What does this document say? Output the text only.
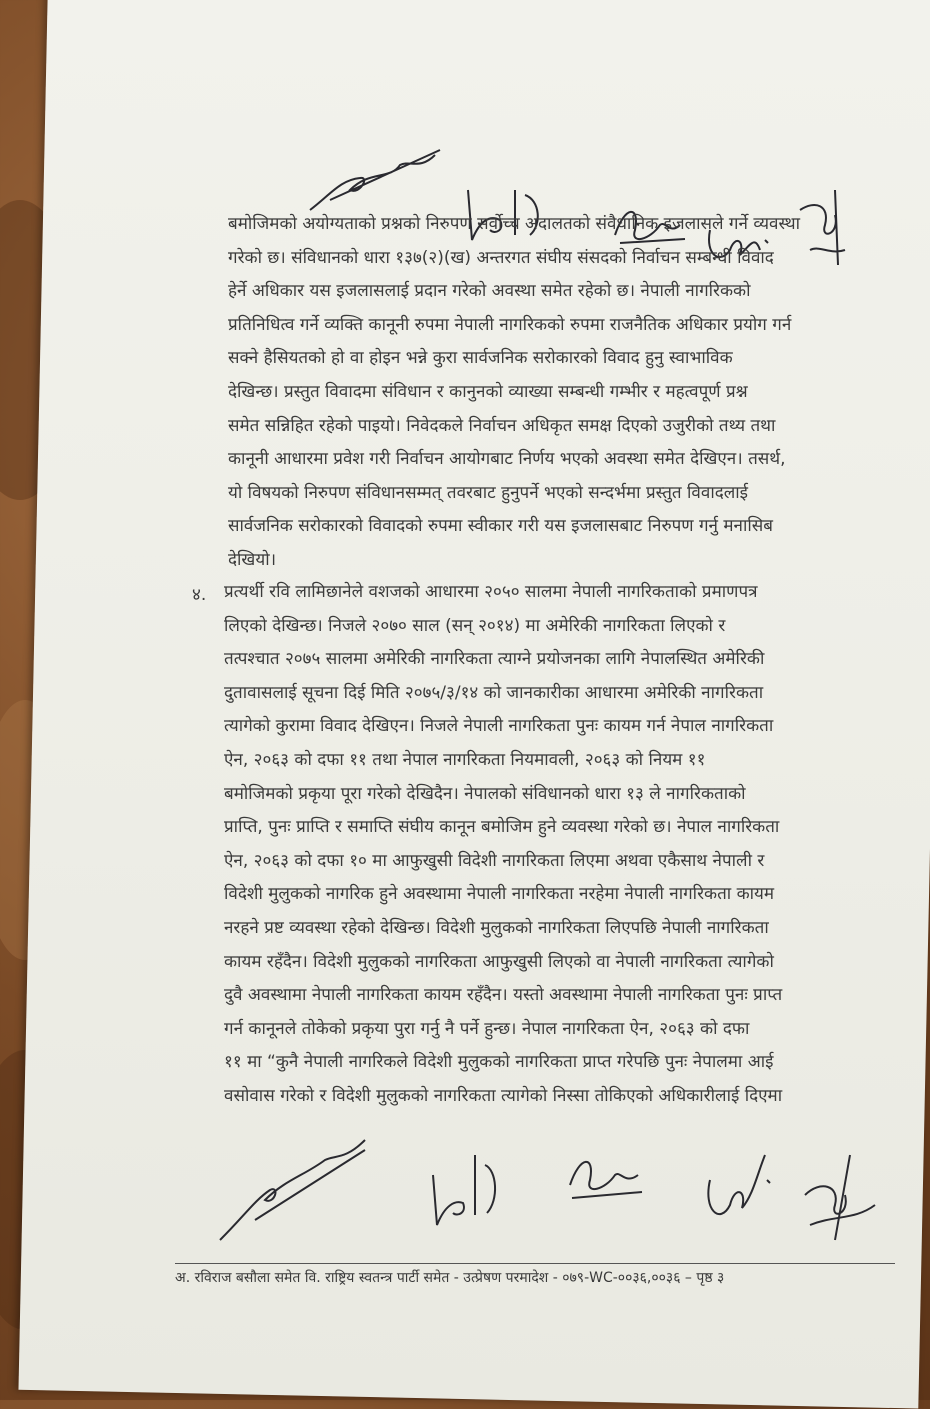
बमोजिमको अयोग्यताको प्रश्नको निरुपण सर्वोच्च अदालतको संवैधानिक इजलासले गर्ने व्यवस्था
गरेको छ। संविधानको धारा १३७(२)(ख) अन्तरगत संघीय संसदको निर्वाचन सम्बन्धी विवाद
हेर्ने अधिकार यस इजलासलाई प्रदान गरेको अवस्था समेत रहेको छ। नेपाली नागरिकको
प्रतिनिधित्व गर्ने व्यक्ति कानूनी रुपमा नेपाली नागरिकको रुपमा राजनैतिक अधिकार प्रयोग गर्न
सक्ने हैसियतको हो वा होइन भन्ने कुरा सार्वजनिक सरोकारको विवाद हुनु स्वाभाविक
देखिन्छ। प्रस्तुत विवादमा संविधान र कानुनको व्याख्या सम्बन्धी गम्भीर र महत्वपूर्ण प्रश्न
समेत सन्निहित रहेको पाइयो। निवेदकले निर्वाचन अधिकृत समक्ष दिएको उजुरीको तथ्य तथा
कानूनी आधारमा प्रवेश गरी निर्वाचन आयोगबाट निर्णय भएको अवस्था समेत देखिएन। तसर्थ,
यो विषयको निरुपण संविधानसम्मत् तवरबाट हुनुपर्ने भएको सन्दर्भमा प्रस्तुत विवादलाई
सार्वजनिक सरोकारको विवादको रुपमा स्वीकार गरी यस इजलासबाट निरुपण गर्नु मनासिब
देखियो।
४. प्रत्यर्थी रवि लामिछानेले वशजको आधारमा २०५० सालमा नेपाली नागरिकताको प्रमाणपत्र
लिएको देखिन्छ। निजले २०७० साल (सन् २०१४) मा अमेरिकी नागरिकता लिएको र
तत्पश्चात २०७५ सालमा अमेरिकी नागरिकता त्याग्ने प्रयोजनका लागि नेपालस्थित अमेरिकी
दुतावासलाई सूचना दिई मिति २०७५/३/१४ को जानकारीका आधारमा अमेरिकी नागरिकता
त्यागेको कुरामा विवाद देखिएन। निजले नेपाली नागरिकता पुनः कायम गर्न नेपाल नागरिकता
ऐन, २०६३ को दफा ११ तथा नेपाल नागरिकता नियमावली, २०६३ को नियम ११
बमोजिमको प्रकृया पूरा गरेको देखिदैन। नेपालको संविधानको धारा १३ ले नागरिकताको
प्राप्ति, पुनः प्राप्ति र समाप्ति संघीय कानून बमोजिम हुने व्यवस्था गरेको छ। नेपाल नागरिकता
ऐन, २०६३ को दफा १० मा आफुखुसी विदेशी नागरिकता लिएमा अथवा एकैसाथ नेपाली र
विदेशी मुलुकको नागरिक हुने अवस्थामा नेपाली नागरिकता नरहेमा नेपाली नागरिकता कायम
नरहने प्रष्ट व्यवस्था रहेको देखिन्छ। विदेशी मुलुकको नागरिकता लिएपछि नेपाली नागरिकता
कायम रहँदैन। विदेशी मुलुकको नागरिकता आफुखुसी लिएको वा नेपाली नागरिकता त्यागेको
दुवै अवस्थामा नेपाली नागरिकता कायम रहँदैन। यस्तो अवस्थामा नेपाली नागरिकता पुनः प्राप्त
गर्न कानूनले तोकेको प्रकृया पुरा गर्नु नै पर्ने हुन्छ। नेपाल नागरिकता ऐन, २०६३ को दफा
११ मा “कुनै नेपाली नागरिकले विदेशी मुलुकको नागरिकता प्राप्त गरेपछि पुनः नेपालमा आई
वसोवास गरेको र विदेशी मुलुकको नागरिकता त्यागेको निस्सा तोकिएको अधिकारीलाई दिएमा
अ. रविराज बसौला समेत वि. राष्ट्रिय स्वतन्त्र पार्टी समेत - उत्प्रेषण परमादेश - ०७९-WC-००३६,००३६ – पृष्ठ ३
